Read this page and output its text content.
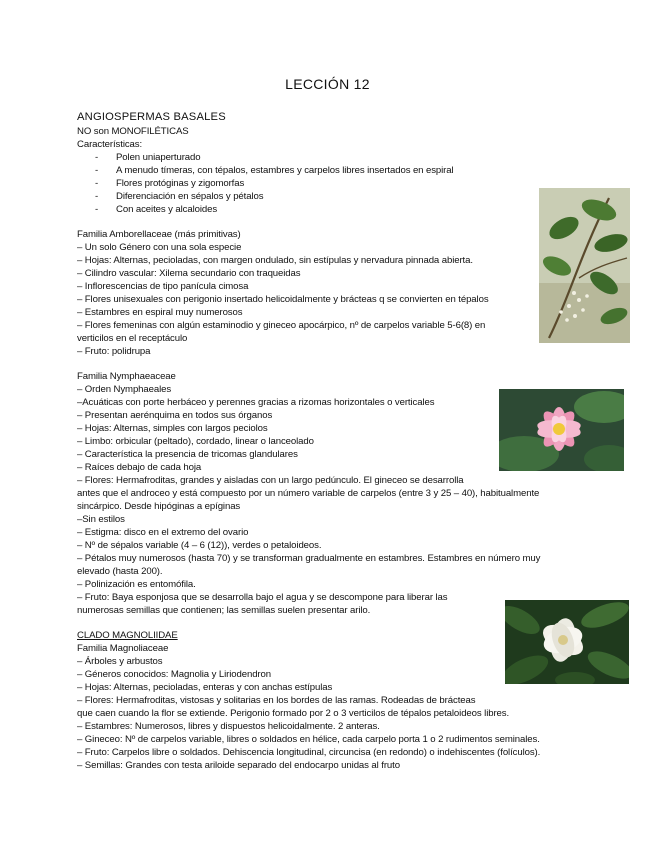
LECCIÓN 12
ANGIOSPERMAS BASALES
NO son MONOFILÉTICAS
Características:
- Polen uniaperturado
- A menudo tímeras, con tépalos, estambres y carpelos libres insertados en espiral
- Flores protóginas y zigomorfas
- Diferenciación en sépalos y pétalos
- Con aceites y alcaloides
Familia Amborellaceae (más primitivas)
– Un solo Género con una sola especie
– Hojas: Alternas, pecioladas, con margen ondulado, sin estípulas y nervadura pinnada abierta.
– Cilindro vascular: Xilema secundario con traqueidas
– Inflorescencias de tipo panícula cimosa
– Flores unisexuales con perigonio insertado helicoidalmente y brácteas q se convierten en tépalos
– Estambres en espiral muy numerosos
– Flores femeninas con algún estaminodio y gineceo apocárpico, nº de carpelos variable 5-6(8) en
verticilos en el receptáculo
– Fruto: polidrupa
Familia Nymphaeaceae
– Orden Nymphaeales
–Acuáticas con porte herbáceo y perennes gracias a rizomas horizontales o verticales
– Presentan aerénquima en todos sus órganos
– Hojas: Alternas, simples con largos peciolos
– Limbo: orbicular (peltado), cordado, linear o lanceolado
– Característica la presencia de tricomas glandulares
– Raíces debajo de cada hoja
– Flores: Hermafroditas, grandes y aisladas con un largo pedúnculo. El gineceo se desarrolla
antes que el androceo y está compuesto por un número variable de carpelos (entre 3 y 25 – 40), habitualmente
sincárpico. Desde hipóginas a epíginas
–Sin estilos
– Estigma: disco en el extremo del ovario
– Nº de sépalos variable (4 – 6 (12)), verdes o petaloideos.
– Pétalos muy numerosos (hasta 70) y se transforman gradualmente en estambres. Estambres en número muy
elevado (hasta 200).
– Polinización es entomófila.
– Fruto: Baya esponjosa que se desarrolla bajo el agua y se descompone para liberar las
numerosas semillas que contienen; las semillas suelen presentar arilo.
CLADO MAGNOLIIDAE
Familia Magnoliaceae
– Árboles y arbustos
– Géneros conocidos: Magnolia y Liriodendron
– Hojas: Alternas, pecioladas, enteras y con anchas estípulas
– Flores: Hermafroditas, vistosas y solitarias en los bordes de las ramas. Rodeadas de brácteas
que caen cuando la flor se extiende. Perigonio formado por 2 o 3 verticilos de tépalos petaloideos libres.
– Estambres: Numerosos, libres y dispuestos helicoidalmente. 2 anteras.
– Gineceo: Nº de carpelos variable, libres o soldados en hélice, cada carpelo porta 1 o 2 rudimentos seminales.
– Fruto: Carpelos libre o soldados. Dehiscencia longitudinal, circuncisa (en redondo) o indehiscentes (folículos).
– Semillas: Grandes con testa ariloide separado del endocarpo unidas al fruto
